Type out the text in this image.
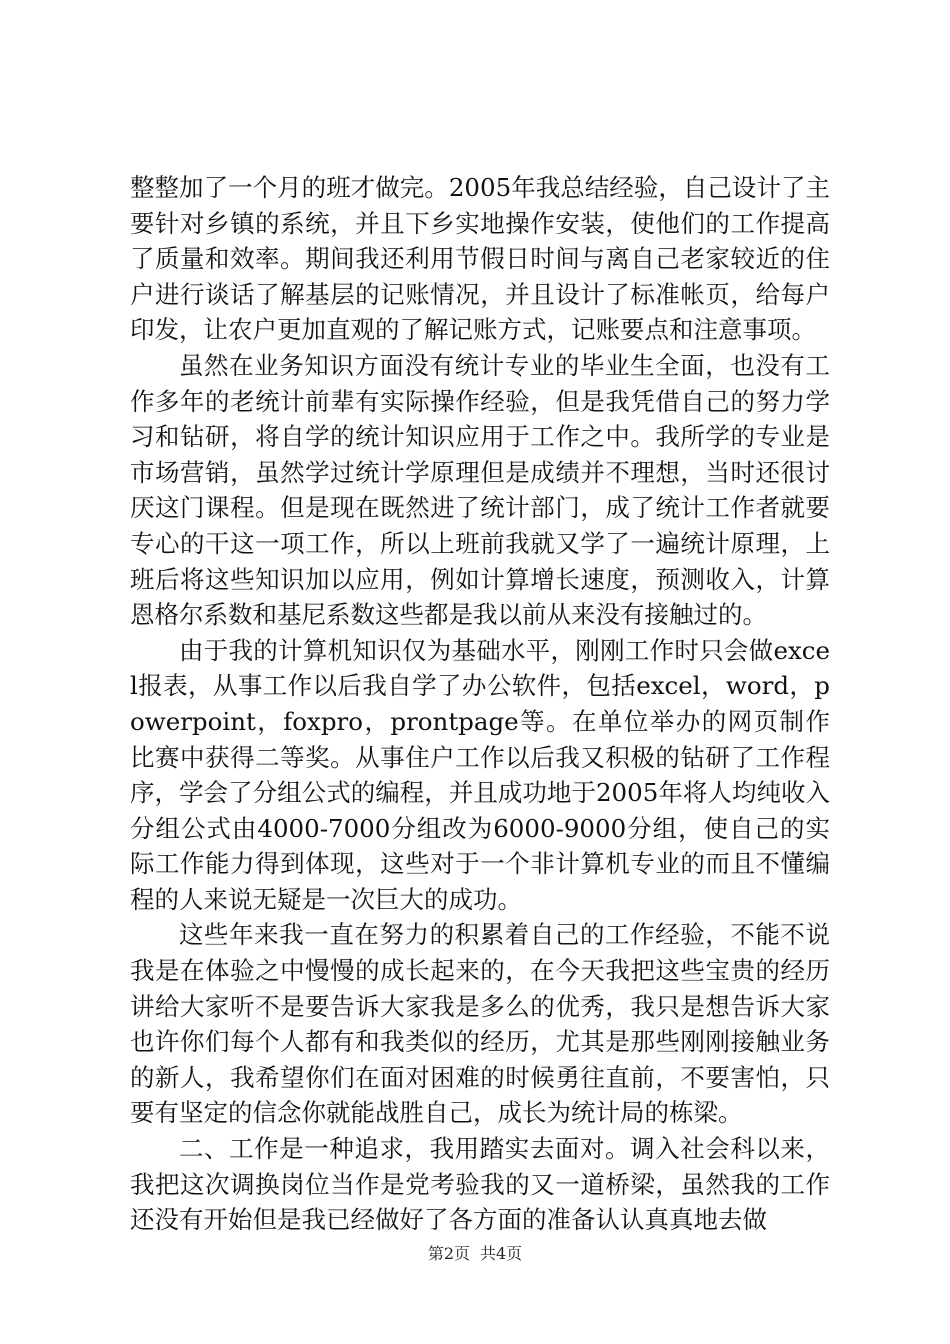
整整加了一个月的班才做完。2005年我总结经验，自己设计了主要针对乡镇的系统，并且下乡实地操作安装，使他们的工作提高了质量和效率。期间我还利用节假日时间与离自己老家较近的住户进行谈话了解基层的记账情况，并且设计了标准帐页，给每户印发，让农户更加直观的了解记账方式，记账要点和注意事项。

虽然在业务知识方面没有统计专业的毕业生全面，也没有工作多年的老统计前辈有实际操作经验，但是我凭借自己的努力学习和钻研，将自学的统计知识应用于工作之中。我所学的专业是市场营销，虽然学过统计学原理但是成绩并不理想，当时还很讨厌这门课程。但是现在既然进了统计部门，成了统计工作者就要专心的干这一项工作，所以上班前我就又学了一遍统计原理，上班后将这些知识加以应用，例如计算增长速度，预测收入，计算恩格尔系数和基尼系数这些都是我以前从来没有接触过的。

由于我的计算机知识仅为基础水平，刚刚工作时只会做excel报表，从事工作以后我自学了办公软件，包括excel，word，powerpoint，foxpro，prontpage等。在单位举办的网页制作比赛中获得二等奖。从事住户工作以后我又积极的钻研了工作程序，学会了分组公式的编程，并且成功地于2005年将人均纯收入分组公式由4000-7000分组改为6000-9000分组，使自己的实际工作能力得到体现，这些对于一个非计算机专业的而且不懂编程的人来说无疑是一次巨大的成功。

这些年来我一直在努力的积累着自己的工作经验，不能不说我是在体验之中慢慢的成长起来的，在今天我把这些宝贵的经历讲给大家听不是要告诉大家我是多么的优秀，我只是想告诉大家也许你们每个人都有和我类似的经历，尤其是那些刚刚接触业务的新人，我希望你们在面对困难的时候勇往直前，不要害怕，只要有坚定的信念你就能战胜自己，成长为统计局的栋梁。

二、工作是一种追求，我用踏实去面对。调入社会科以来，我把这次调换岗位当作是党考验我的又一道桥梁，虽然我的工作还没有开始但是我已经做好了各方面的准备认认真真地去做

第2页 共4页
